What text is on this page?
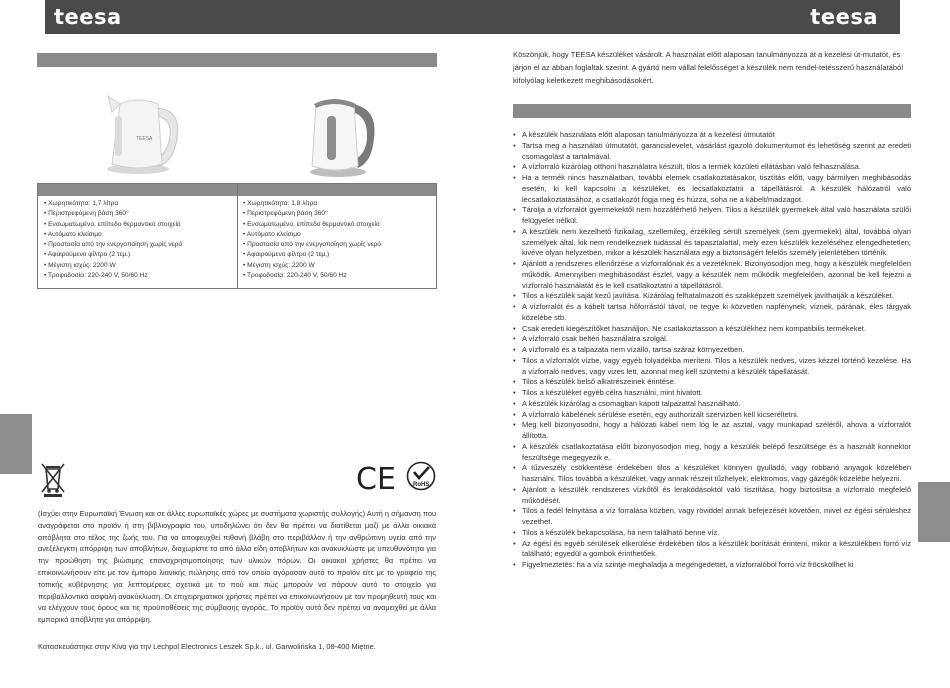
teesa
TEESA
• Χωρητικότητα: 1,7 λίτρα
• Περιστρεφόμενη βάση 360°
• Ενσωματωμένο, επίπεδο θερμαντικό στοιχείο
• Αυτόματο κλείσιμο
• Προστασία από την ενεργοποίηση χωρίς νερό
• Αφαιρούμενο φίλτρο (2 τεμ.)
• Μέγιστη ισχύς: 2200 W
• Τροφοδοσία: 220-240 V, 50/60 Hz
• Χωρητικότητα: 1,8 λίτρα
• Περιστρεφόμενη βάση 360°
• Ενσωματωμένο, επίπεδο θερμαντικό στοιχείο
• Αυτόματο κλείσιμο
• Προστασία από την ενεργοποίηση χωρίς νερό
• Αφαιρούμενο φίλτρο (2 τεμ.)
• Μέγιστη ισχύς: 2200 W
• Τροφοδοσία: 220-240 V, 50/60 Hz
CE	RoHS

(Ισχύει στην Ευρωπαϊκή Ένωση και σε άλλες ευρωπαϊκές χώρες με συστήματα χωριστής συλλογής) Αυτή η σήμανση που αναγράφεται στο προϊόν ή στη βιβλιογραφία του, υποδηλώνει ότι δεν θα πρέπει να διατίθεται μαζί με άλλα οικιακά απόβλητα στο τέλος της ζωής του. Για να αποφευχθεί πιθανή βλάβη στο περιβάλλον ή την ανθρώπινη υγεία από την ανεξέλεγκτη απόρριψη των αποβλήτων, διαχωρίστε τα από άλλα είδη αποβλήτων και ανακυκλώστε με υπευθυνότητα για την προώθηση της βιώσιμης επαναχρησιμοποίησης των υλικών πόρων. Οι οικιακοί χρήστες θα πρέπει να επικοινωνήσουν είτε με τον έμπορο λιανικής πώλησης από τον οποίο αγόρασαν αυτό το προϊόν είτε με το γραφείο της τοπικής κυβέρνησης για λεπτομέρειες σχετικά με το πού και πώς μπορούν να πάρουν αυτό το στοιχείο για περιβαλλοντικά ασφαλή ανακύκλωση. Οι επιχειρηματικοί χρήστες πρέπει να επικοινωνήσουν με τον προμηθευτή τους και να ελέγχουν τους όρους και τις προϋποθέσεις της σύμβασης αγοράς. Το προϊόν αυτό δεν πρέπει να αναμειχθεί με άλλα εμπορικά απόβλητα για απόρριψη.

Κατασκευάστηκε στην Κίνα για την Lechpol Electronics Leszek Sp.k., ul. Garwolińska 1, 08-400 Miętne.

teesa

Köszönjük, hogy TEESA készüléket vásárolt. A használat előtt alaposan tanulmányozza át a kezelési út-mutatót, és járjon el az abban foglaltak szerint. A gyártó nem vállal felelősséget a készülék nem rendel-tetésszerű használatából kifolyólag keletkezett meghibásodásokért.

• A készülék használata előtt alaposan tanulmányozza át a kezelési útmutatót
• Tartsa meg a használati útmutatót, garancialevelet, vásárlást igazoló dokumentumot és lehetőség szerint az eredeti csomagolást a tartalmával.
• A vízforraló kizárólag otthoni használatra készült, tilos a termék közületi ellátásban való felhasználása.
• Ha a termék nincs használatban, további elemek csatlakoztatásakor, tisztítás előtt, vagy bármilyen meghibásodás esetén, ki kell kapcsolni a készüléket, és lecsatlakoztatni a tápellátásról. A készülék hálózatról való lecsatlakoztatásához, a csatlakozót fogja meg és húzza, soha ne a kábelt/madzagot.
• Tárolja a vízforralót gyermekektől nem hozzáférhető helyen. Tilos a készülék gyermekek által való használata szülői felügyelet nélkül.
• A készülék nem kezelhető fizikailag, szellemileg, érzékileg sérült személyek (sem gyermekek) által, továbbá olyan személyek által, kik nem rendelkeznek tudással és tapasztalattal, mely ezen készülék kezeléséhez elengedhetetlen; kivéve olyan helyzetben, mikor a készülék használata egy a biztonságért felelős személy jelenlétében történik.
• Ajánlott a rendszeres ellenőrzése a vízforralónak és a vezetéknek. Bizonyosodjon meg, hogy a készülék megfelelően működik. Amennyiben meghibásodást észlel, vagy a készülék nem működik megfelelően, azonnal be kell fejezni a vízforraló használatát és le kell csatlakoztatni a tápellátásról.
• Tilos a készülék saját kezű javítása. Kizárólag felhatalmazott és szakképzett személyek javíthatják a készüléket.
• A vízforralót és a kábelt tartsa hőforrástól távol, ne tegye ki közvetlen napfénynek, víznek, párának, éles tárgyak közelébe stb.
• Csak eredeti kiegészítőket használjon. Ne csatlakoztasson a készülékhez nem kompatibilis termékeket.
• A vízforraló csak beltéri használatra szolgál.
• A vízforraló és a talpazata nem vízálló, tartsa száraz környezetben.
• Tilos a vízforralót vízbe, vagy egyéb folyadékba meríteni. Tilos a készülék nedves, vizes kézzel történő kezelése. Ha a vízforraló nedves, vagy vizes lett, azonnal meg kell szüntetni a készülék tápellátását.
• Tilos a készülék belső alkatrészeinek érintése.
• Tilos a készüléket egyéb célra használni, mint hivatott.
• A készülék kizárólag a csomagban kapott talpazattal használható.
• A vízforraló kábelének sérülése esetén, egy authorizált szervizben kell kicseréltetni.
• Meg kell bizonyosodni, hogy a hálózati kábel nem lóg le az asztal, vagy munkapad széléről, ahova a vízforralót állította.
• A készülék csatlakoztatása előtt bizonyosodjon meg, hogy a készülék belépő feszültsége és a használt konnektor feszültsége megegyezik e.
• A tűzveszély csökkentése érdekében tilos a készüléket könnyen gyulladó, vagy robbanó anyagok közelében használni. Tilos továbbá a készüléket, vagy annak részeit tűzhelyek, elektromos, vagy gázégők közelébe helyezni.
• Ajánlott a készülék rendszeres vízkőtől és lerakódásoktól való tisztítása, hogy biztosítsa a vízforraló megfelelő működését.
• Tilos a fedél felnyitása a víz forralása közben, vagy röviddel annak befejezését követően, mivel ez égési sérüléshez vezethet.
• Tilos a készülék bekapcsolása, ha nem található benne víz.
• Az égési és egyéb sérülések elkerülése érdekében tilos a készülék borítását érinteni, mikor a készülékben forró víz található; egyedül a gombok érinthetőek.
• Figyelmeztetés: ha a víz szintje meghaladja a megengedettet, a vízforralóból forró víz fröcsköllhet ki
